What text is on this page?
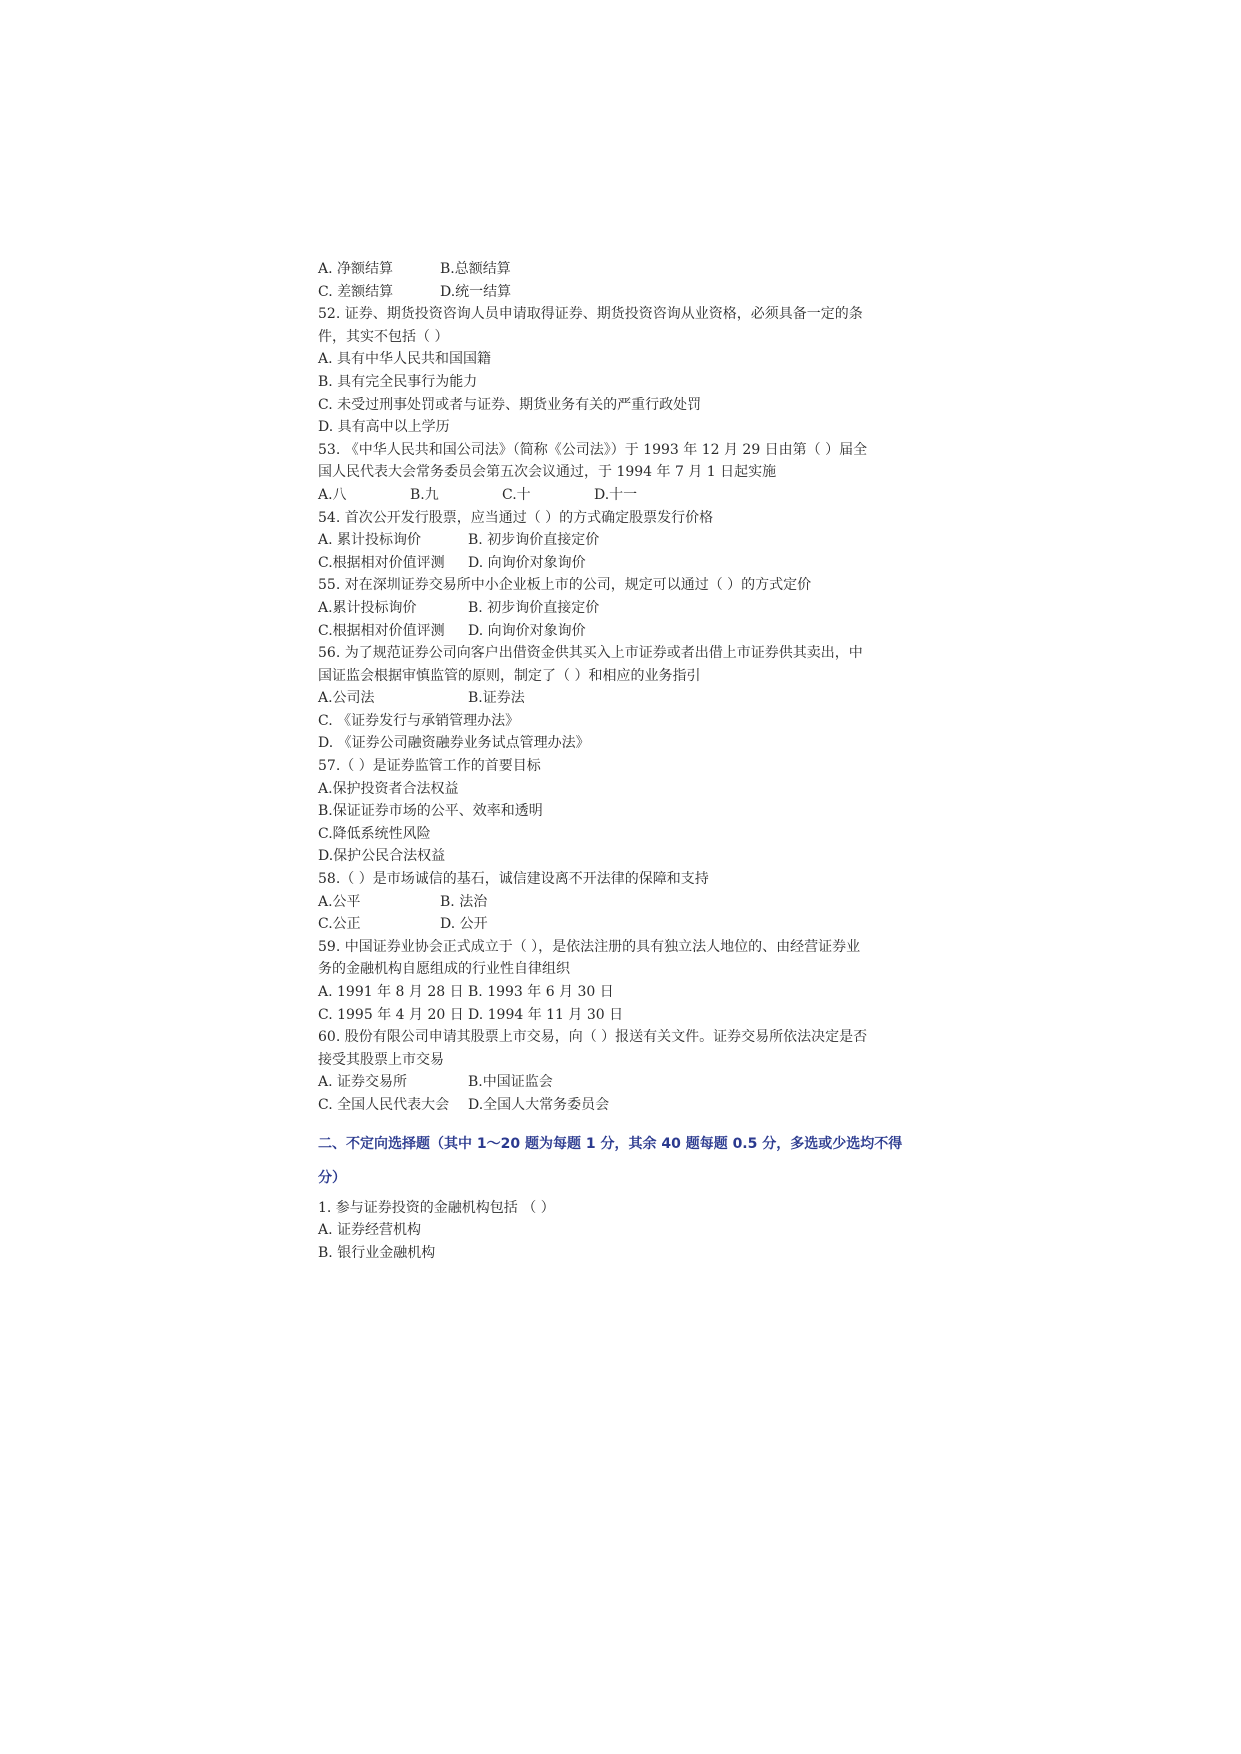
A. 净额结算	B.总额结算
C. 差额结算	D.统一结算
52. 证券、期货投资咨询人员申请取得证券、期货投资咨询从业资格，必须具备一定的条
件，其实不包括（ ）
A. 具有中华人民共和国国籍
B. 具有完全民事行为能力
C. 未受过刑事处罚或者与证券、期货业务有关的严重行政处罚
D. 具有高中以上学历
53. 《中华人民共和国公司法》（简称《公司法》）于 1993 年 12 月 29 日由第（ ）届全
国人民代表大会常务委员会第五次会议通过，于 1994 年 7 月 1 日起实施
A.八	B.九	C.十	D.十一
54. 首次公开发行股票，应当通过（ ）的方式确定股票发行价格
A. 累计投标询价	B. 初步询价直接定价
C.根据相对价值评测	D. 向询价对象询价
55. 对在深圳证券交易所中小企业板上市的公司，规定可以通过（ ）的方式定价
A.累计投标询价	B. 初步询价直接定价
C.根据相对价值评测	D. 向询价对象询价
56. 为了规范证券公司向客户出借资金供其买入上市证券或者出借上市证券供其卖出，中
国证监会根据审慎监管的原则，制定了（ ）和相应的业务指引
A.公司法	B.证券法
C. 《证券发行与承销管理办法》
D. 《证券公司融资融券业务试点管理办法》
57.（ ）是证券监管工作的首要目标
A.保护投资者合法权益
B.保证证券市场的公平、效率和透明
C.降低系统性风险
D.保护公民合法权益
58.（ ）是市场诚信的基石，诚信建设离不开法律的保障和支持
A.公平	B. 法治
C.公正	D. 公开
59. 中国证券业协会正式成立于（ ），是依法注册的具有独立法人地位的、由经营证券业
务的金融机构自愿组成的行业性自律组织
A. 1991 年 8 月 28 日 B. 1993 年 6 月 30 日
C. 1995 年 4 月 20 日 D. 1994 年 11 月 30 日
60. 股份有限公司申请其股票上市交易，向（ ）报送有关文件。证券交易所依法决定是否
接受其股票上市交易
A. 证券交易所	B.中国证监会
C. 全国人民代表大会	D.全国人大常务委员会
二、不定向选择题（其中 1～20 题为每题 1 分，其余 40 题每题 0.5 分，多选或少选均不得
分）
1. 参与证券投资的金融机构包括 （ ）
A. 证券经营机构
B. 银行业金融机构
